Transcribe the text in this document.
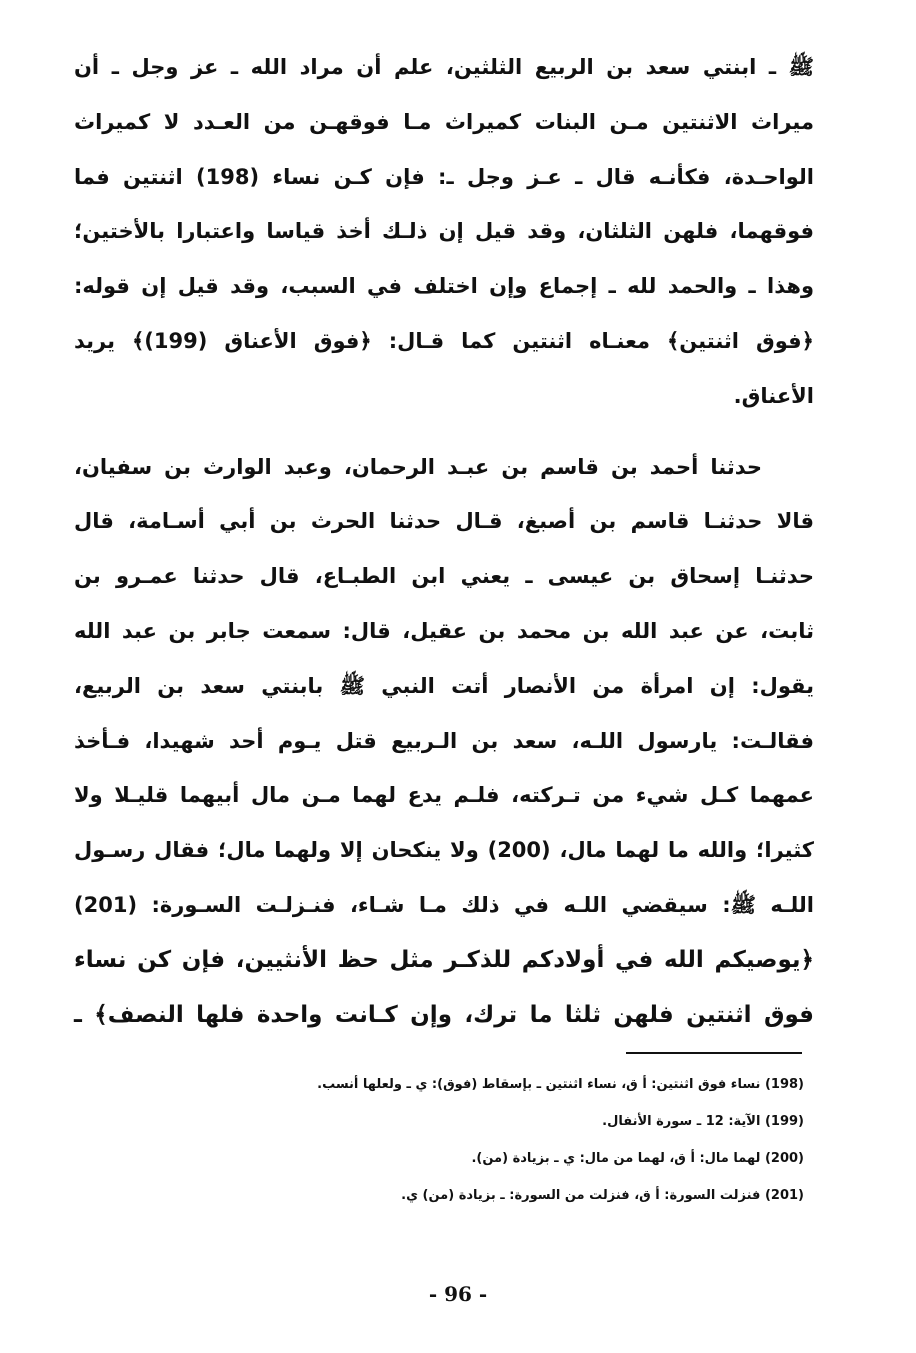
ﷺ ـ ابنتي سعد بن الربيع الثلثين، علم أن مراد الله ـ عز وجل ـ أن
ميراث الاثنتين مـن البنات كميراث مـا فوقهـن من العـدد لا كميراث
الواحـدة، فكأنـه قال ـ عـز وجل ـ: فإن كـن نساء (198) اثنتين فما
فوقهما، فلهن الثلثان، وقد قيل إن ذلـك أخذ قياسا واعتبارا بالأختين؛
وهذا ـ والحمد لله ـ إجماع وإن اختلف في السبب، وقد قيل إن قوله:
﴿فوق اثنتين﴾ معنـاه اثنتين كما قـال: ﴿فوق الأعناق (199)﴾ يريد
الأعناق.
حدثنا أحمد بن قاسم بن عبـد الرحمان، وعبد الوارث بن سفيان،
قالا حدثنـا قاسم بن أصبغ، قـال حدثنا الحرث بن أبي أسـامة، قال
حدثنـا إسحاق بن عيسى ـ يعني ابن الطبـاع، قال حدثنا عمـرو بن
ثابت، عن عبد الله بن محمد بن عقيل، قال: سمعت جابر بن عبد الله
يقول: إن امرأة من الأنصار أتت النبي ﷺ بابنتي سعد بن الربيع،
فقالـت: يارسول اللـه، سعد بن الـربيع قتل يـوم أحد شهيدا، فـأخذ
عمهما كـل شيء من تـركته، فلـم يدع لهما مـن مال أبيهما قليـلا ولا
كثيرا؛ والله ما لهما مال، (200) ولا ينكحان إلا ولهما مال؛ فقال رسـول
اللـه ﷺ: سيقضي اللـه في ذلك مـا شـاء، فنـزلـت السـورة: (201)
﴿يوصيكم الله في أولادكم للذكـر مثل حظ الأنثيين، فإن كن نساء
فوق اثنتين فلهن ثلثا ما ترك، وإن كـانت واحدة فلها النصف﴾ ـ
(198) نساء فوق اثنتين: أ ق، نساء اثنتين ـ بإسقاط (فوق): ي ـ ولعلها أنسب.
(199) الآية: 12 ـ سورة الأنفال.
(200) لهما مال: أ ق، لهما من مال: ي ـ بزيادة (من).
(201) فنزلت السورة: أ ق، فنزلت من السورة: ـ بزيادة (من) ي.
- 96 -
